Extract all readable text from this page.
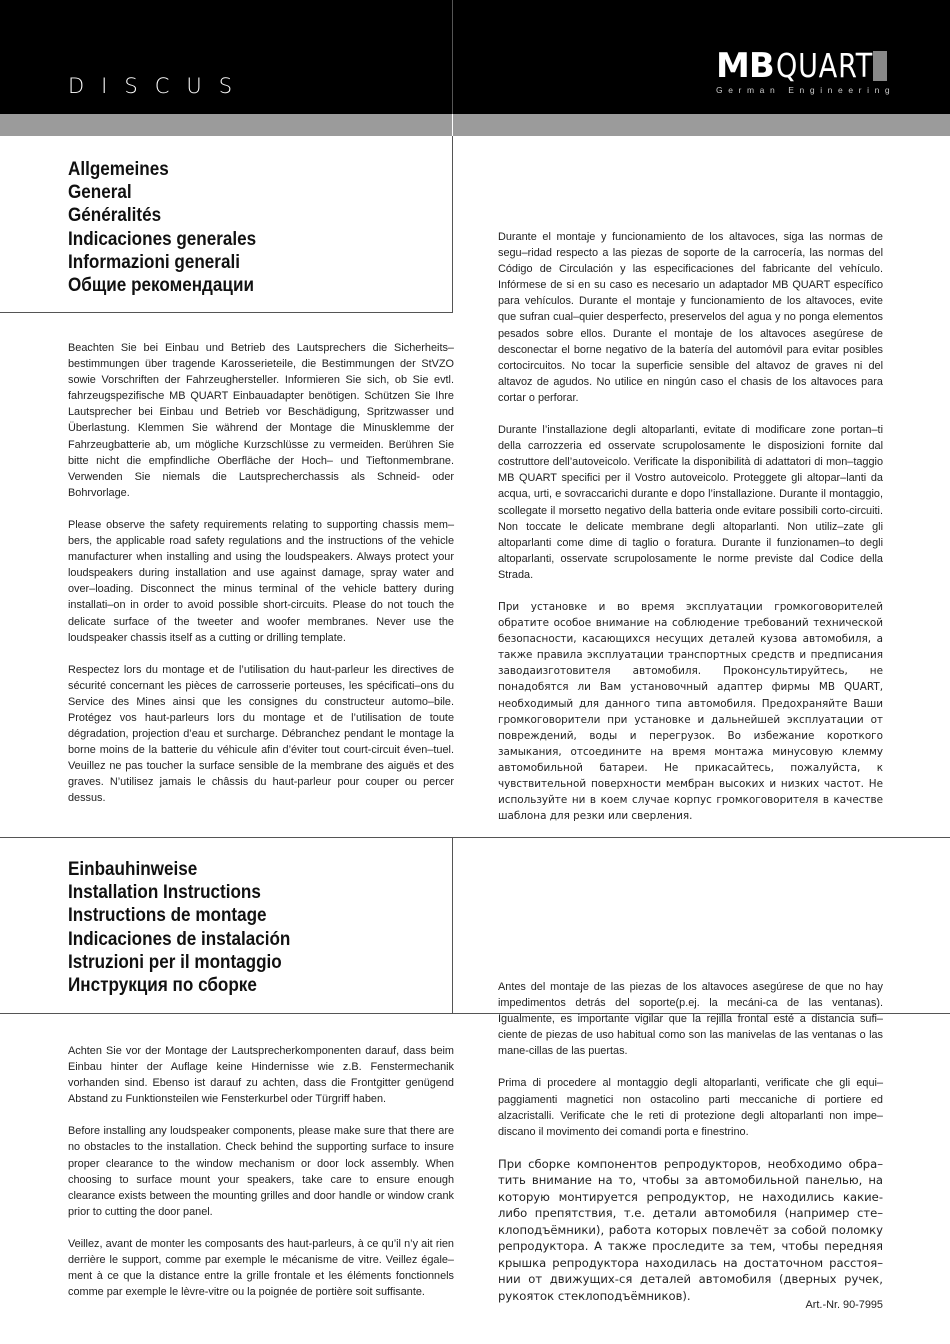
DISCUS	MB QUART
German Engineering
Allgemeines
General
Généralités
Indicaciones generales
Informazioni generali
Общие рекомендации

Beachten Sie bei Einbau und Betrieb des Lautsprechers die Sicherheits–bestimmungen über tragende Karosserieteile, die Bestimmungen der StVZO sowie Vorschriften der Fahrzeughersteller. Informieren Sie sich, ob Sie evtl. fahrzeugspezifische MB QUART Einbauadapter benötigen. Schützen Sie Ihre Lautsprecher bei Einbau und Betrieb vor Beschädigung, Spritzwasser und Überlastung. Klemmen Sie während der Montage die Minusklemme der Fahrzeugbatterie ab, um mögliche Kurzschlüsse zu vermeiden. Berühren Sie bitte nicht die empfindliche Oberfläche der Hoch– und Tieftonmembrane. Verwenden Sie niemals die Lautsprecherchassis als Schneid- oder Bohrvorlage.

Please observe the safety requirements relating to supporting chassis mem–bers, the applicable road safety regulations and the instructions of the vehicle manufacturer when installing and using the loudspeakers. Always protect your loudspeakers during installation and use against damage, spray water and over–loading. Disconnect the minus terminal of the vehicle battery during installati–on in order to avoid possible short-circuits. Please do not touch the delicate surface of the tweeter and woofer membranes. Never use the loudspeaker chassis itself as a cutting or drilling template.

Respectez lors du montage et de l’utilisation du haut-parleur les directives de sécurité concernant les pièces de carrosserie porteuses, les spécificati–ons du Service des Mines ainsi que les consignes du constructeur automo–bile. Protégez vos haut-parleurs lors du montage et de l’utilisation de toute dégradation, projection d’eau et surcharge. Débranchez pendant le montage la borne moins de la batterie du véhicule afin d’éviter tout court-circuit éven–tuel. Veuillez ne pas toucher la surface sensible de la membrane des aiguës et des graves. N’utilisez jamais le châssis du haut-parleur pour couper ou percer dessus.

Durante el montaje y funcionamiento de los altavoces, siga las normas de segu–ridad respecto a las piezas de soporte de la carrocería, las normas del Código de Circulación y las especificaciones del fabricante del vehículo. Infórmese de si en su caso es necesario un adaptador MB QUART específico para vehículos. Durante el montaje y funcionamiento de los altavoces, evite que sufran cual–quier desperfecto, preservelos del agua y no ponga elementos pesados sobre ellos. Durante el montaje de los altavoces asegúrese de desconectar el borne negativo de la batería del automóvil para evitar posibles cortocircuitos. No tocar la superficie sensible del altavoz de graves ni del altavoz de agudos. No utilice en ningún caso el chasis de los altavoces para cortar o perforar.

Durante l’installazione degli altoparlanti, evitate di modificare zone portan–ti della carrozzeria ed osservate scrupolosamente le disposizioni fornite dal costruttore dell’autoveicolo. Verificate la disponibilità di adattatori di mon–taggio MB QUART specifici per il Vostro autoveicolo. Proteggete gli altopar–lanti da acqua, urti, e sovraccarichi durante e dopo l’installazione. Durante il montaggio, scollegate il morsetto negativo della batteria onde evitare possibili corto-circuiti. Non toccate le delicate membrane degli altoparlanti. Non utiliz–zate gli altoparlanti come dime di taglio o foratura. Durante il funzionamen–to degli altoparlanti, osservate scrupolosamente le norme previste dal Codice della Strada.

При установке и во время эксплуатации громкоговорителей обратите особое внимание на соблюдение требований технической безопасности, касающихся несущих деталей кузова автомобиля, а также правила эксплуатации транспортных средств и предписания заводаизготовителя автомобиля. Проконсультируйтесь, не понадобятся ли Вам установочный адаптер фирмы MB QUART, необходимый для данного типа автомобиля. Предохраняйте Ваши громкоговорители при установке и дальнейшей эксплуатации от повреждений, воды и перегрузок. Во избежание короткого замыкания, отсоедините на время монтажа минусовую клемму автомобильной батареи. Не прикасайтесь, пожалуйста, к чувствительной поверхности мембран высоких и низких частот. Не используйте ни в коем случае корпус громкоговорителя в качестве шаблона для резки или сверления.

Einbauhinweise
Installation Instructions
Instructions de montage
Indicaciones de instalación
Istruzioni per il montaggio
Инструкция по сборке

Achten Sie vor der Montage der Lautsprecherkomponenten darauf, dass beim Einbau hinter der Auflage keine Hindernisse wie z.B. Fenstermechanik vorhanden sind. Ebenso ist darauf zu achten, dass die Frontgitter genügend Abstand zu Funktionsteilen wie Fensterkurbel oder Türgriff haben.

Before installing any loudspeaker components, please make sure that there are no obstacles to the installation. Check behind the supporting surface to insure proper clearance to the window mechanism or door lock assembly. When choosing to surface mount your speakers, take care to ensure enough clearance exists between the mounting grilles and door handle or window crank prior to cutting the door panel.

Veillez, avant de monter les composants des haut-parleurs, à ce qu’il n’y ait rien derrière le support, comme par exemple le mécanisme de vitre. Veillez égale–ment à ce que la distance entre la grille frontale et les éléments fonctionnels comme par exemple le lèvre-vitre ou la poignée de portière soit suffisante.

Antes del montaje de las piezas de los altavoces asegúrese de que no hay impedimentos detrás del soporte(p.ej. la mecáni-ca de las ventanas). Igualmente, es importante vigilar que la rejilla frontal esté a distancia sufi–ciente de piezas de uso habitual como son las manivelas de las ventanas o las mane-cillas de las puertas.

Prima di procedere al montaggio degli altoparlanti, verificate che gli equi–paggiamenti magnetici non ostacolino parti meccaniche di portiere ed alzacristalli. Verificate che le reti di protezione degli altoparlanti non impe–discano il movimento dei comandi porta e finestrino.

При сборке компонентов репродукторов, необходимо обра–тить внимание на то, чтобы за автомобильной панелью, на которую монтируется репродуктор, не находились какие-либо препятствия, т.е. детали автомобиля (например сте–клоподъёмники), работа которых повлечёт за собой поломку репродуктора. А также проследите за тем, чтобы передняя крышка репродуктора находилась на достаточном расстоя–нии от движущих-ся деталей автомобиля (дверных ручек, рукояток стеклоподъёмников).

Art.-Nr. 90-7995
